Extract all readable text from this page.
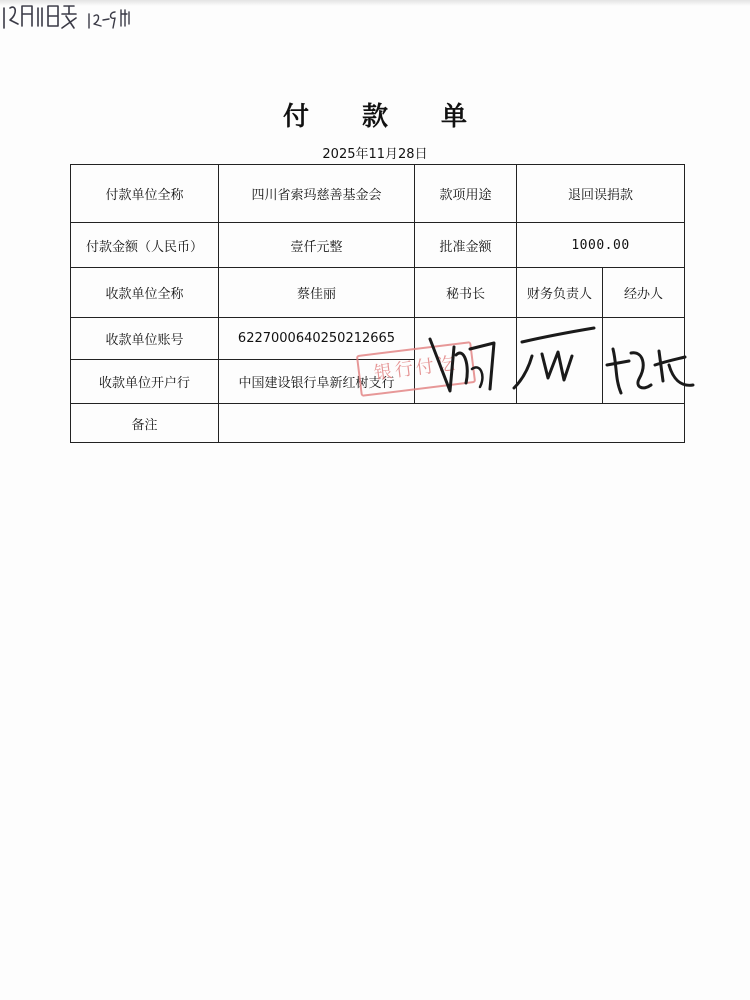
付 款 单
2025年11月28日
付款单位全称	四川省索玛慈善基金会	款项用途	退回误捐款	
付款金额（人民币）	壹仟元整	批准金额	1000.00	
收款单位全称	蔡佳丽	秘书长	财务负责人	经办人
收款单位账号	6227000640250212665			
收款单位开户行	中国建设银行阜新红树支行			
备注				
银行付讫
